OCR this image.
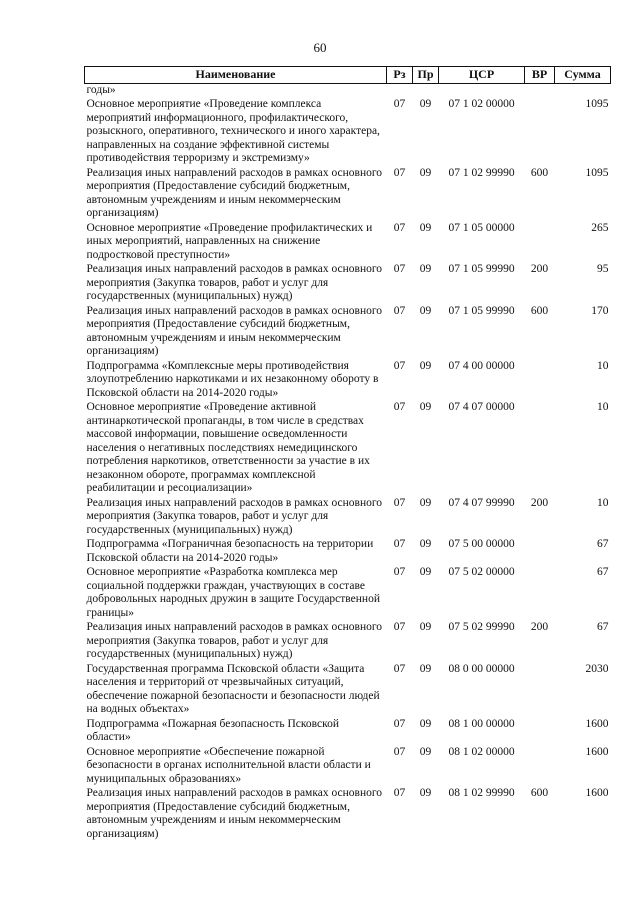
60
Наименование	Рз	Пр	ЦСР	ВР	Сумма
годы»					
Основное мероприятие «Проведение комплекса мероприятий информационного, профилактического, розыскного, оперативного, технического и иного характера, направленных на создание эффективной системы противодействия терроризму и экстремизму»	07	09	07 1 02 00000		1095
Реализация иных направлений расходов в рамках основного мероприятия (Предоставление субсидий бюджетным, автономным учреждениям и иным некоммерческим организациям)	07	09	07 1 02 99990	600	1095
Основное мероприятие «Проведение профилактических и иных мероприятий, направленных на снижение подростковой преступности»	07	09	07 1 05 00000		265
Реализация иных направлений расходов в рамках основного мероприятия (Закупка товаров, работ и услуг для государственных (муниципальных) нужд)	07	09	07 1 05 99990	200	95
Реализация иных направлений расходов в рамках основного мероприятия (Предоставление субсидий бюджетным, автономным учреждениям и иным некоммерческим организациям)	07	09	07 1 05 99990	600	170
Подпрограмма «Комплексные меры противодействия злоупотреблению наркотиками и их незаконному обороту в Псковской области на 2014-2020 годы»	07	09	07 4 00 00000		10
Основное мероприятие «Проведение активной антинаркотической пропаганды, в том числе в средствах массовой информации, повышение осведомленности населения о негативных последствиях немедицинского потребления наркотиков, ответственности за участие в их незаконном обороте, программах комплексной реабилитации и ресоциализации»	07	09	07 4 07 00000		10
Реализация иных направлений расходов в рамках основного мероприятия (Закупка товаров, работ и услуг для государственных (муниципальных) нужд)	07	09	07 4 07 99990	200	10
Подпрограмма «Пограничная безопасность на территории Псковской области на 2014-2020 годы»	07	09	07 5 00 00000		67
Основное мероприятие «Разработка комплекса мер социальной поддержки граждан, участвующих в составе добровольных народных дружин в защите Государственной границы»	07	09	07 5 02 00000		67
Реализация иных направлений расходов в рамках основного мероприятия (Закупка товаров, работ и услуг для государственных (муниципальных) нужд)	07	09	07 5 02 99990	200	67
Государственная программа Псковской области «Защита населения и территорий от чрезвычайных ситуаций, обеспечение пожарной безопасности и безопасности людей на водных объектах»	07	09	08 0 00 00000		2030
Подпрограмма «Пожарная безопасность Псковской области»	07	09	08 1 00 00000		1600
Основное мероприятие «Обеспечение пожарной безопасности в органах исполнительной власти области и муниципальных образованиях»	07	09	08 1 02 00000		1600
Реализация иных направлений расходов в рамках основного мероприятия (Предоставление субсидий бюджетным, автономным учреждениям и иным некоммерческим организациям)	07	09	08 1 02 99990	600	1600
